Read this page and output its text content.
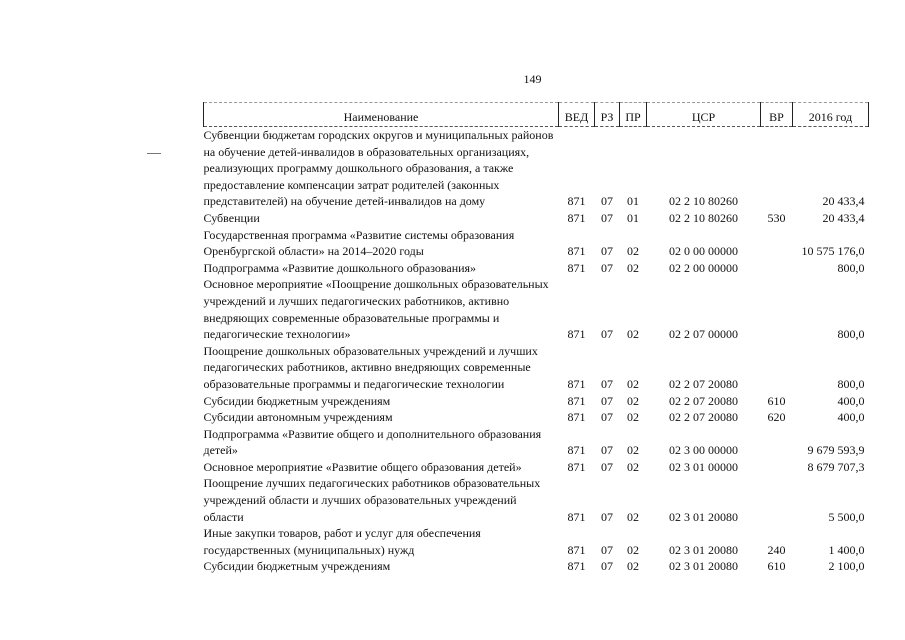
149
Наименование	ВЕД	РЗ	ПР	ЦСР	ВР	2016 год
Субвенции бюджетам городских округов и муниципальных районов на обучение детей-инвалидов в образовательных организациях, реализующих программу дошкольного образования, а также предоставление компенсации затрат родителей (законных представителей) на обучение детей-инвалидов на дому	871	07	01	02 2 10 80260		20 433,4
Субвенции	871	07	01	02 2 10 80260	530	20 433,4
Государственная программа «Развитие системы образования Оренбургской области» на 2014–2020 годы	871	07	02	02 0 00 00000		10 575 176,0
Подпрограмма «Развитие дошкольного образования»	871	07	02	02 2 00 00000		800,0
Основное мероприятие «Поощрение дошкольных образовательных учреждений и лучших педагогических работников, активно внедряющих современные образовательные программы и педагогические технологии»	871	07	02	02 2 07 00000		800,0
Поощрение дошкольных образовательных учреждений и лучших педагогических работников, активно внедряющих современные образовательные программы и педагогические технологии	871	07	02	02 2 07 20080		800,0
Субсидии бюджетным учреждениям	871	07	02	02 2 07 20080	610	400,0
Субсидии автономным учреждениям	871	07	02	02 2 07 20080	620	400,0
Подпрограмма «Развитие общего и дополнительного образования детей»	871	07	02	02 3 00 00000		9 679 593,9
Основное мероприятие «Развитие общего образования детей»	871	07	02	02 3 01 00000		8 679 707,3
Поощрение лучших педагогических работников образовательных учреждений области и лучших образовательных учреждений области	871	07	02	02 3 01 20080		5 500,0
Иные закупки товаров, работ и услуг для обеспечения государственных (муниципальных) нужд	871	07	02	02 3 01 20080	240	1 400,0
Субсидии бюджетным учреждениям	871	07	02	02 3 01 20080	610	2 100,0
